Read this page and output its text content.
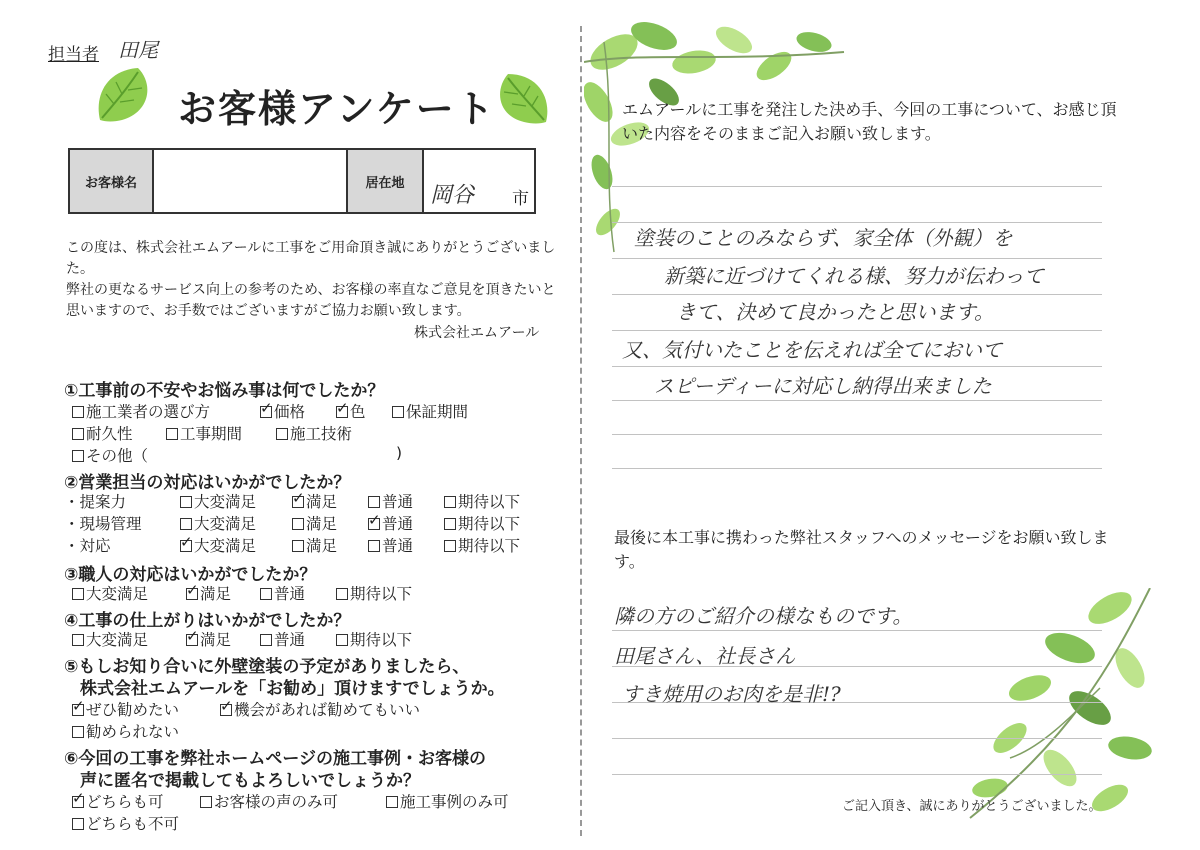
担当者 田尾
お客様アンケート
お客様名	居在地	岡谷 市
この度は、株式会社エムアールに工事をご用命頂き誠にありがとうございました。
弊社の更なるサービス向上の参考のため、お客様の率直なご意見を頂きたいと思いますので、お手数ではございますがご協力お願い致します。
株式会社エムアール
①工事前の不安やお悩み事は何でしたか？
施工業者の選び方 ✓	価格 ✓	色	保証期間
耐久性	工事期間	施工技術
その他（	)
②営業担当の対応はいかがでしたか？
・提案力	大変満足 ✓	満足	普通	期待以下
・現場管理	大変満足	満足 ✓	普通	期待以下
・対応 ✓	大変満足	満足	普通	期待以下
③職人の対応はいかがでしたか？
大変満足 ✓	満足	普通	期待以下
④工事の仕上がりはいかがでしたか？
大変満足 ✓	満足	普通	期待以下
⑤もしお知り合いに外壁塗装の予定がありましたら、
株式会社エムアールを「お勧め」頂けますでしょうか。
✓ぜひ勧めたい ✓	機会があれば勧めてもいい
勧められない
⑥今回の工事を弊社ホームページの施工事例・お客様の
声に匿名で掲載してもよろしいでしょうか？
✓どちらも可	お客様の声のみ可	施工事例のみ可
どちらも不可
エムアールに工事を発注した決め手、今回の工事について、お感じ頂いた内容をそのままご記入お願い致します。
塗装のことのみならず、家全体（外観）を
新築に近づけてくれる様、努力が伝わって
きて、決めて良かったと思います。
又、気付いたことを伝えれば全てにおいて
スピーディーに対応し納得出来ました
最後に本工事に携わった弊社スタッフへのメッセージをお願い致します。
隣の方のご紹介の様なものです。
田尾さん、社長さん
すき焼用のお肉を是非!?
ご記入頂き、誠にありがとうございました。
